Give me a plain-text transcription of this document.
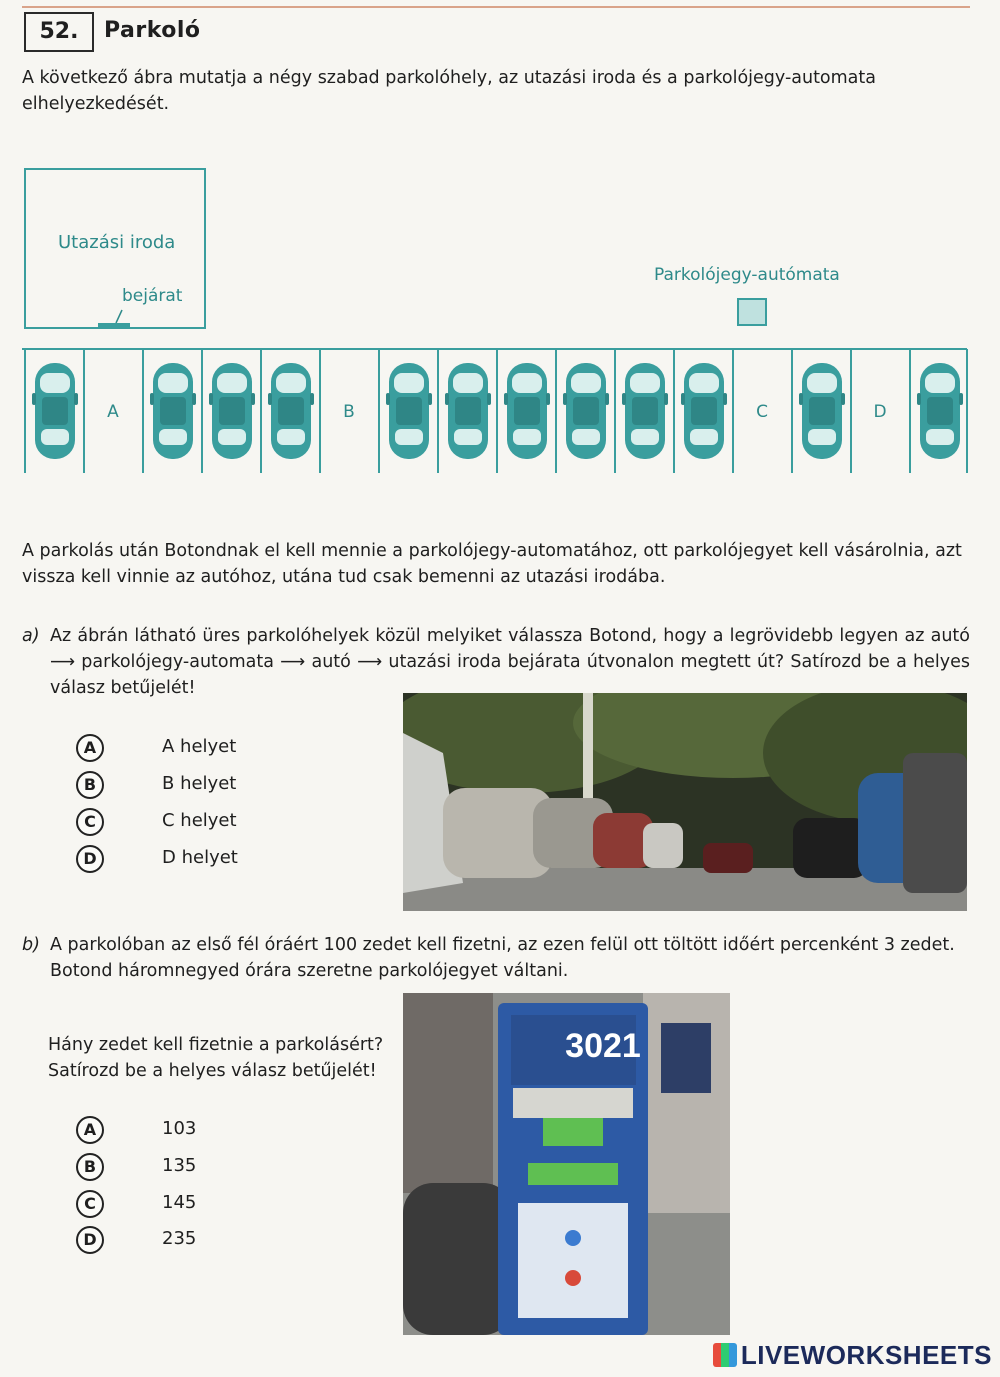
52.	Parkoló
A következő ábra mutatja a négy szabad parkolóhely, az utazási iroda és a parkolójegy-automata elhelyezkedését.
Utazási iroda
bejárat
Parkolójegy-autómata
A	B	C	D
A parkolás után Botondnak el kell mennie a parkolójegy-automatához, ott parkolójegyet kell vásárolnia, azt vissza kell vinnie az autóhoz, utána tud csak bemenni az utazási irodába.
a) Az ábrán látható üres parkolóhelyek közül melyiket válassza Botond, hogy a legrövidebb legyen az autó ⟶ parkolójegy-automata ⟶ autó ⟶ utazási iroda bejárata útvonalon megtett út? Satírozd be a helyes válasz betűjelét!
A	A helyet
B	B helyet
C	C helyet
D	D helyet
b) A parkolóban az első fél óráért 100 zedet kell fizetni, az ezen felül ott töltött időért percenként 3 zedet. Botond háromnegyed órára szeretne parkolójegyet váltani.
Hány zedet kell fizetnie a parkolásért? Satírozd be a helyes válasz betűjelét!
A	103
B	135
C	145
D	235
3021
LIVEWORKSHEETS
